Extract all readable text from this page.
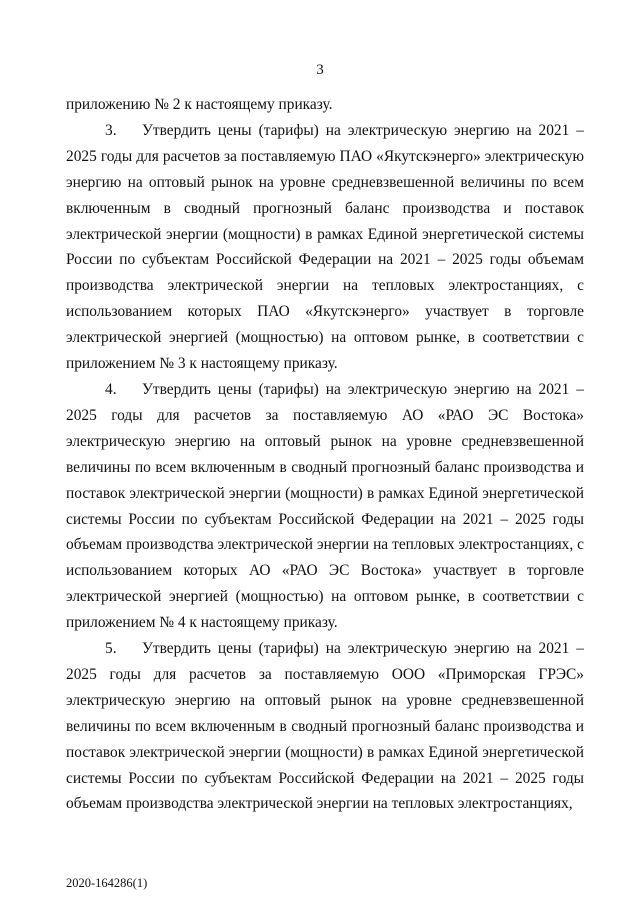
3

приложению № 2 к настоящему приказу.

3. Утвердить цены (тарифы) на электрическую энергию на 2021 – 2025 годы для расчетов за поставляемую ПАО «Якутскэнерго» электрическую энергию на оптовый рынок на уровне средневзвешенной величины по всем включенным в сводный прогнозный баланс производства и поставок электрической энергии (мощности) в рамках Единой энергетической системы России по субъектам Российской Федерации на 2021 – 2025 годы объемам производства электрической энергии на тепловых электростанциях, с использованием которых ПАО «Якутскэнерго» участвует в торговле электрической энергией (мощностью) на оптовом рынке, в соответствии с приложением № 3 к настоящему приказу.

4. Утвердить цены (тарифы) на электрическую энергию на 2021 – 2025 годы для расчетов за поставляемую АО «РАО ЭС Востока» электрическую энергию на оптовый рынок на уровне средневзвешенной величины по всем включенным в сводный прогнозный баланс производства и поставок электрической энергии (мощности) в рамках Единой энергетической системы России по субъектам Российской Федерации на 2021 – 2025 годы объемам производства электрической энергии на тепловых электростанциях, с использованием которых АО «РАО ЭС Востока» участвует в торговле электрической энергией (мощностью) на оптовом рынке, в соответствии с приложением № 4 к настоящему приказу.

5. Утвердить цены (тарифы) на электрическую энергию на 2021 – 2025 годы для расчетов за поставляемую ООО «Приморская ГРЭС» электрическую энергию на оптовый рынок на уровне средневзвешенной величины по всем включенным в сводный прогнозный баланс производства и поставок электрической энергии (мощности) в рамках Единой энергетической системы России по субъектам Российской Федерации на 2021 – 2025 годы объемам производства электрической энергии на тепловых электростанциях,

2020-164286(1)
